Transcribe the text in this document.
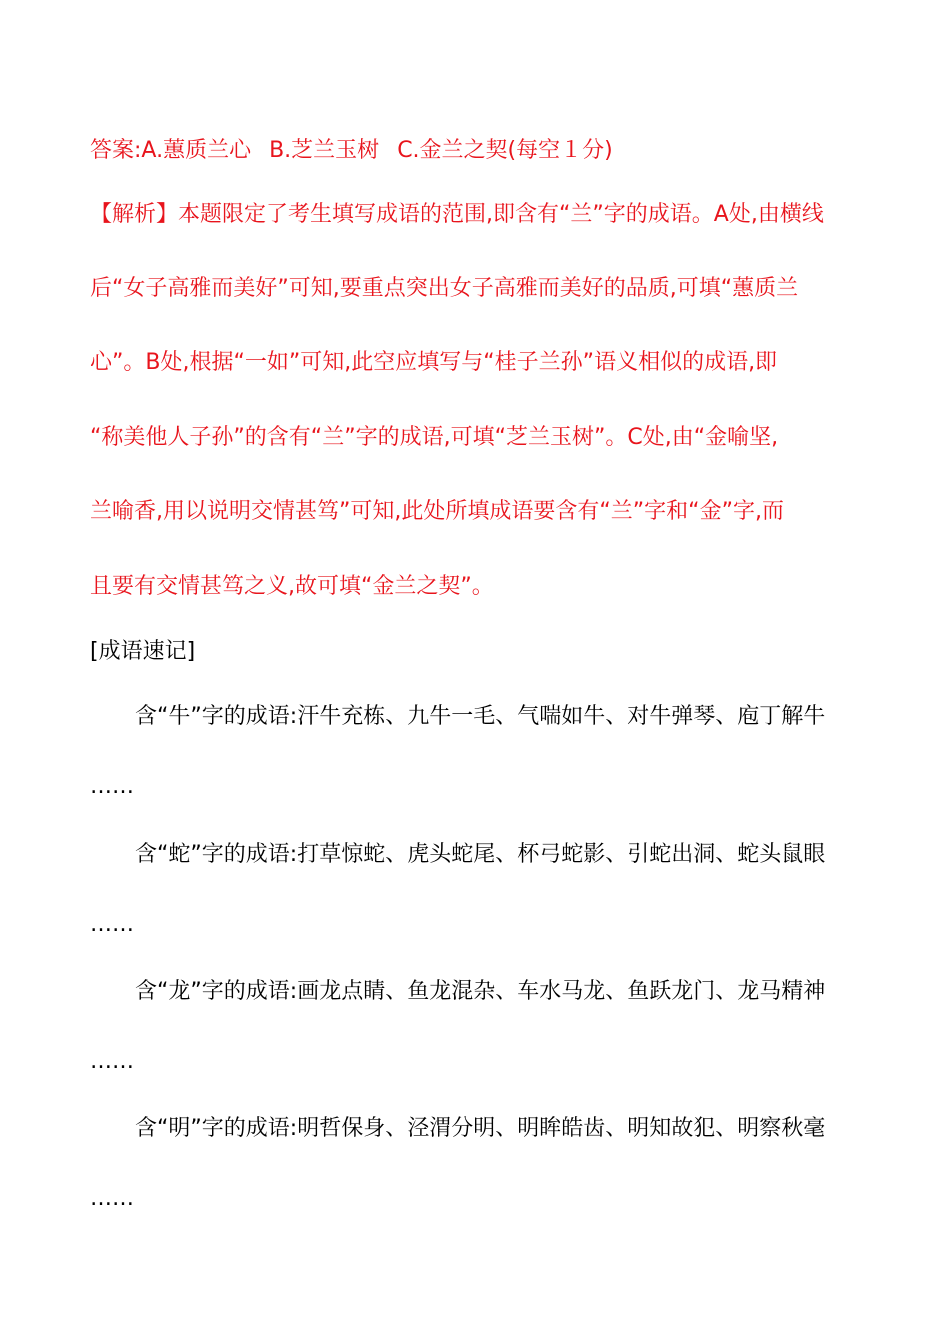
答案:A.蕙质兰心 B.芝兰玉树 C.金兰之契(每空１分)
【解析】本题限定了考生填写成语的范围,即含有“兰”字的成语。A处,由横线
后“女子高雅而美好”可知,要重点突出女子高雅而美好的品质,可填“蕙质兰
心”。B处,根据“一如”可知,此空应填写与“桂子兰孙”语义相似的成语,即
“称美他人子孙”的含有“兰”字的成语,可填“芝兰玉树”。C处,由“金喻坚,
兰喻香,用以说明交情甚笃”可知,此处所填成语要含有“兰”字和“金”字,而
且要有交情甚笃之义,故可填“金兰之契”。
[成语速记]
含“牛”字的成语:汗牛充栋、九牛一毛、气喘如牛、对牛弹琴、庖丁解牛
……
含“蛇”字的成语:打草惊蛇、虎头蛇尾、杯弓蛇影、引蛇出洞、蛇头鼠眼
……
含“龙”字的成语:画龙点睛、鱼龙混杂、车水马龙、鱼跃龙门、龙马精神
……
含“明”字的成语:明哲保身、泾渭分明、明眸皓齿、明知故犯、明察秋毫
……
